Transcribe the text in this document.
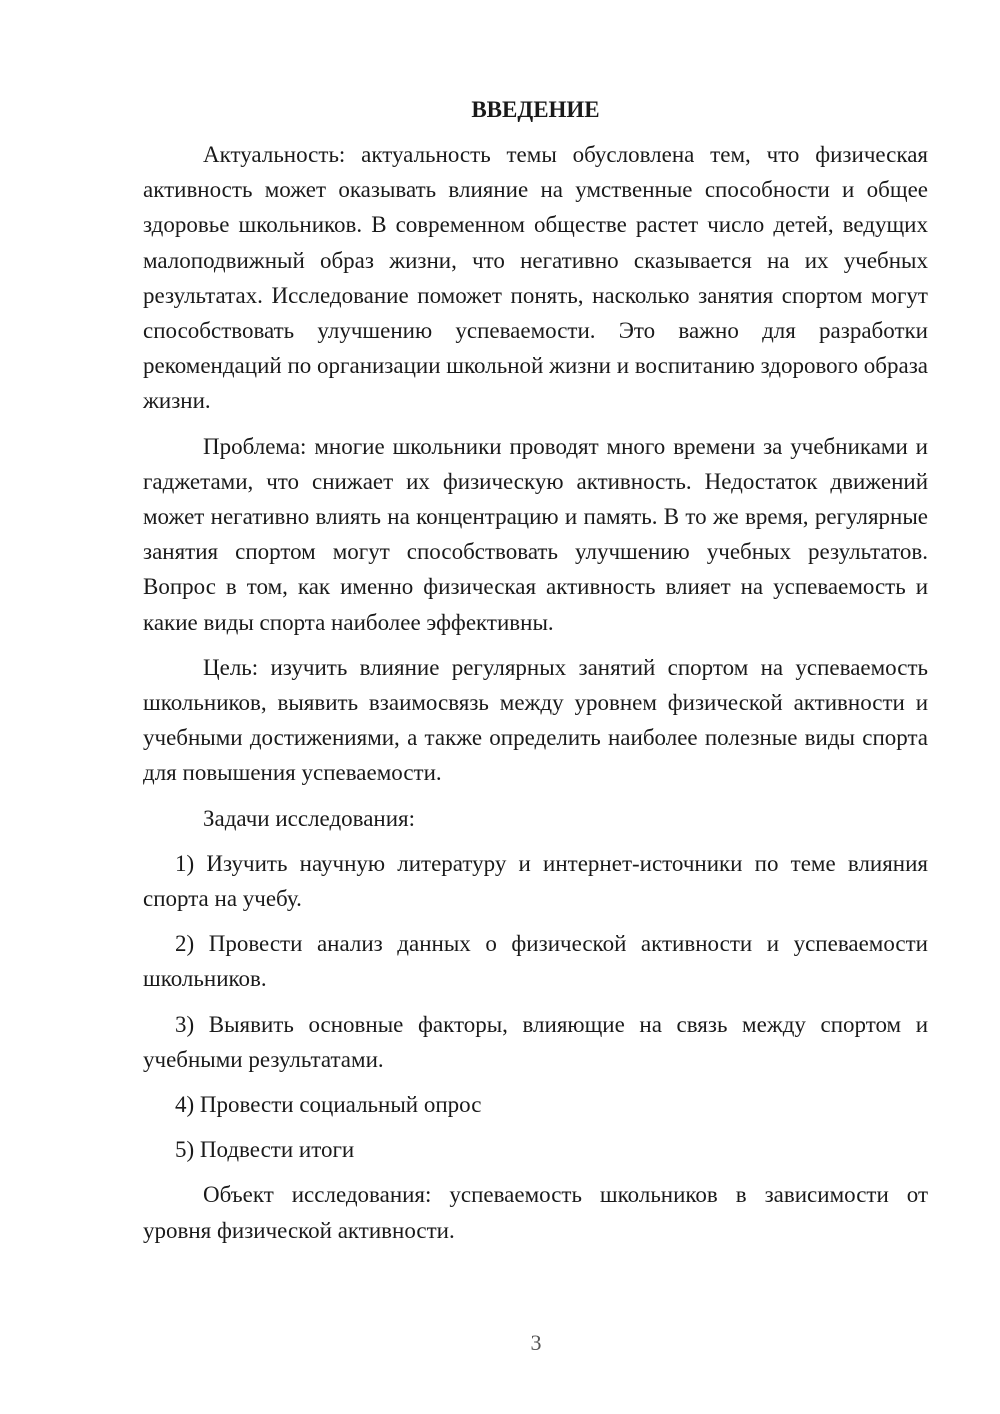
ВВЕДЕНИЕ

Актуальность: актуальность темы обусловлена тем, что физическая активность может оказывать влияние на умственные способности и общее здоровье школьников. В современном обществе растет число детей, ведущих малоподвижный образ жизни, что негативно сказывается на их учебных результатах. Исследование поможет понять, насколько занятия спортом могут способствовать улучшению успеваемости. Это важно для разработки рекомендаций по организации школьной жизни и воспитанию здорового образа жизни.

Проблема: многие школьники проводят много времени за учебниками и гаджетами, что снижает их физическую активность. Недостаток движений может негативно влиять на концентрацию и память. В то же время, регулярные занятия спортом могут способствовать улучшению учебных результатов. Вопрос в том, как именно физическая активность влияет на успеваемость и какие виды спорта наиболее эффективны.

Цель: изучить влияние регулярных занятий спортом на успеваемость школьников, выявить взаимосвязь между уровнем физической активности и учебными достижениями, а также определить наиболее полезные виды спорта для повышения успеваемости.

Задачи исследования:

1) Изучить научную литературу и интернет-источники по теме влияния спорта на учебу.

2) Провести анализ данных о физической активности и успеваемости школьников.

3) Выявить основные факторы, влияющие на связь между спортом и учебными результатами.

4) Провести социальный опрос

5) Подвести итоги

Объект исследования: успеваемость школьников в зависимости от уровня физической активности.

3
